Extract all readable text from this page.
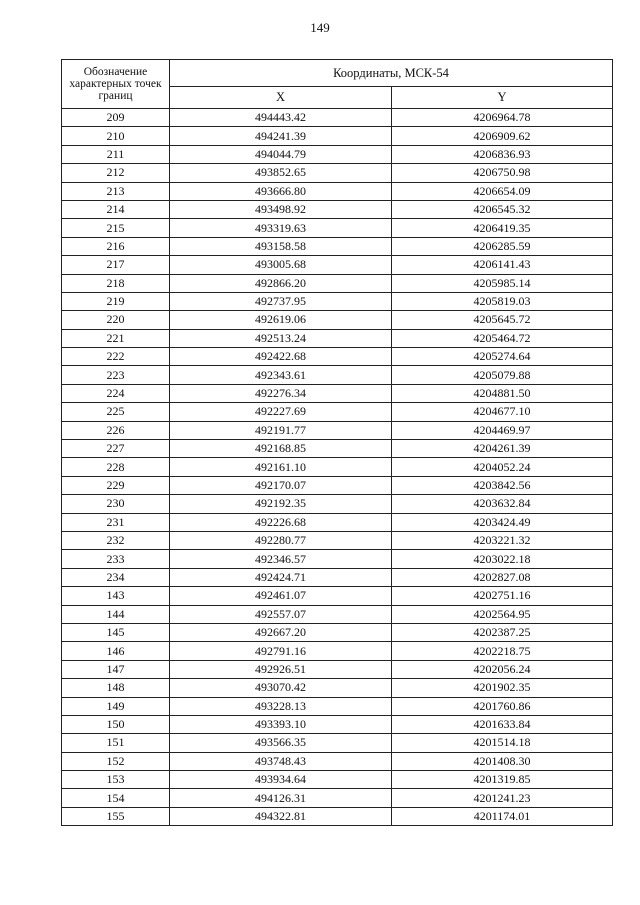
149
Обозначение характерных точек границ	Координаты, МСК-54	
	X	Y
209	494443.42	4206964.78
210	494241.39	4206909.62
211	494044.79	4206836.93
212	493852.65	4206750.98
213	493666.80	4206654.09
214	493498.92	4206545.32
215	493319.63	4206419.35
216	493158.58	4206285.59
217	493005.68	4206141.43
218	492866.20	4205985.14
219	492737.95	4205819.03
220	492619.06	4205645.72
221	492513.24	4205464.72
222	492422.68	4205274.64
223	492343.61	4205079.88
224	492276.34	4204881.50
225	492227.69	4204677.10
226	492191.77	4204469.97
227	492168.85	4204261.39
228	492161.10	4204052.24
229	492170.07	4203842.56
230	492192.35	4203632.84
231	492226.68	4203424.49
232	492280.77	4203221.32
233	492346.57	4203022.18
234	492424.71	4202827.08
143	492461.07	4202751.16
144	492557.07	4202564.95
145	492667.20	4202387.25
146	492791.16	4202218.75
147	492926.51	4202056.24
148	493070.42	4201902.35
149	493228.13	4201760.86
150	493393.10	4201633.84
151	493566.35	4201514.18
152	493748.43	4201408.30
153	493934.64	4201319.85
154	494126.31	4201241.23
155	494322.81	4201174.01
